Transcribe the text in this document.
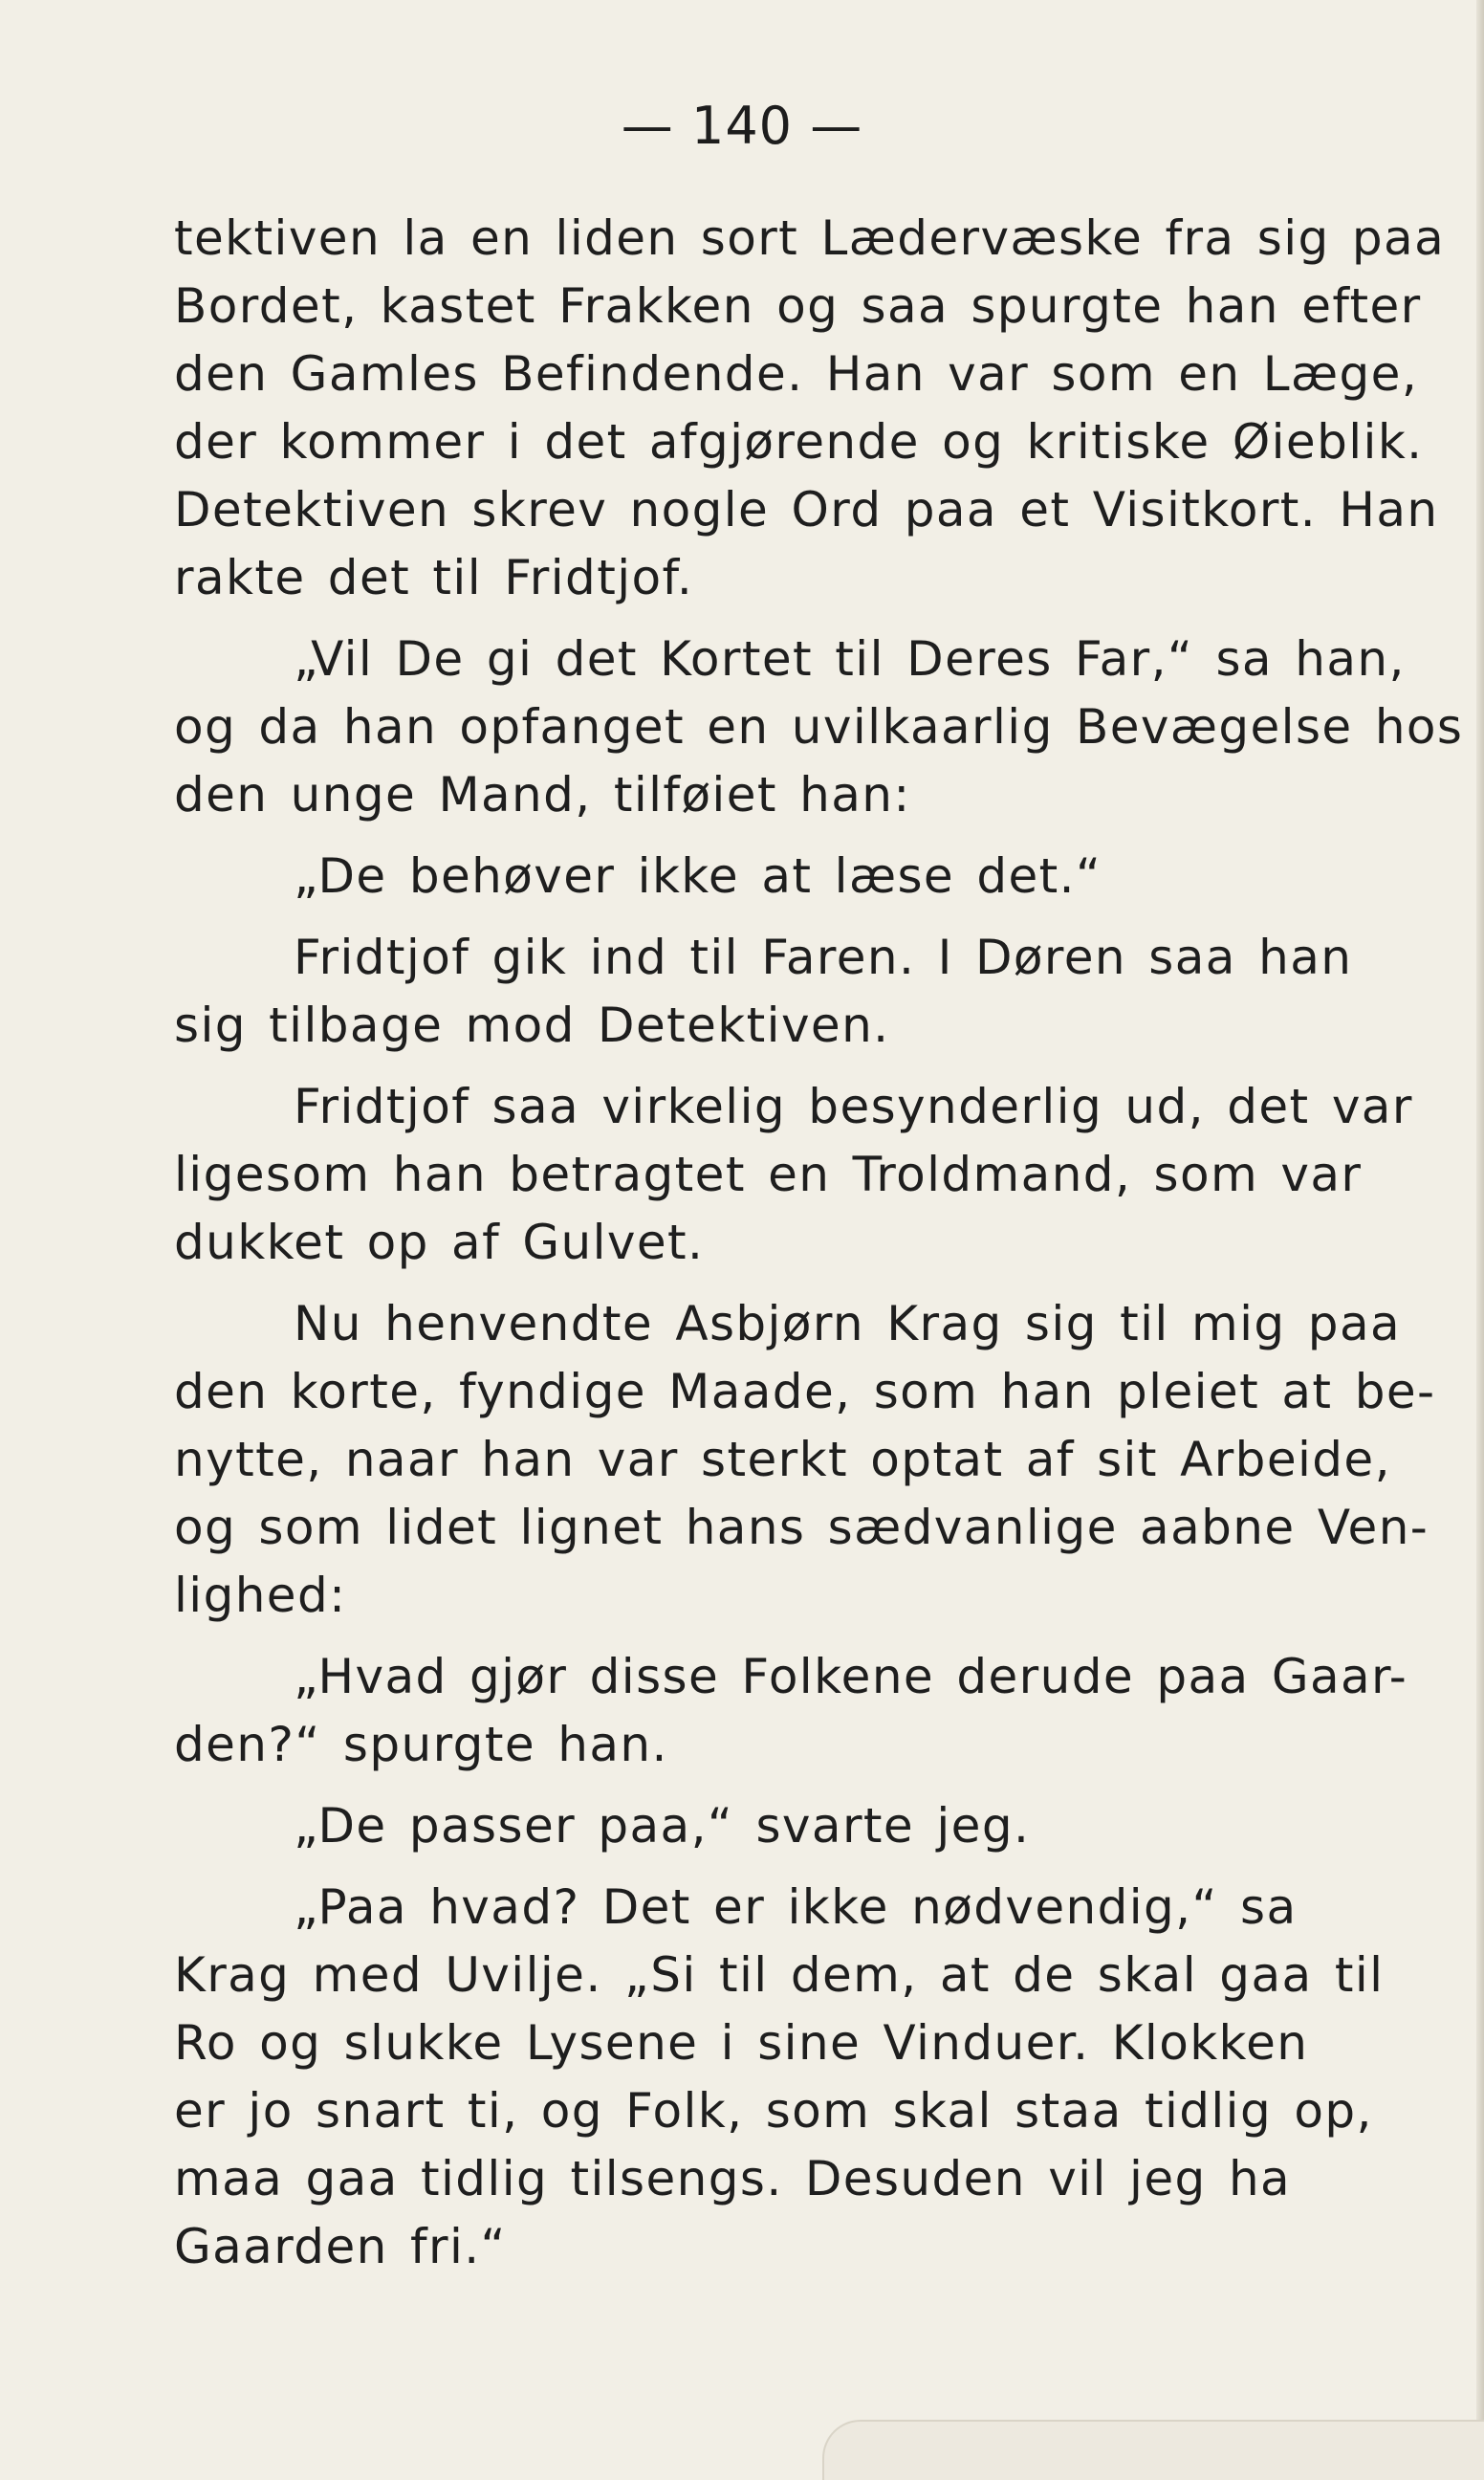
— 140 —
tektiven la en liden sort Lædervæske fra sig paa
Bordet, kastet Frakken og saa spurgte han efter
den Gamles Befindende. Han var som en Læge,
der kommer i det afgjørende og kritiske Øieblik.
Detektiven skrev nogle Ord paa et Visitkort. Han
rakte det til Fridtjof.
„Vil De gi det Kortet til Deres Far,“ sa han,
og da han opfanget en uvilkaarlig Bevægelse hos
den unge Mand, tilføiet han:
„De behøver ikke at læse det.“
Fridtjof gik ind til Faren. I Døren saa han
sig tilbage mod Detektiven.
Fridtjof saa virkelig besynderlig ud, det var
ligesom han betragtet en Troldmand, som var
dukket op af Gulvet.
Nu henvendte Asbjørn Krag sig til mig paa
den korte, fyndige Maade, som han pleiet at be-
nytte, naar han var sterkt optat af sit Arbeide,
og som lidet lignet hans sædvanlige aabne Ven-
lighed:
„Hvad gjør disse Folkene derude paa Gaar-
den?“ spurgte han.
„De passer paa,“ svarte jeg.
„Paa hvad? Det er ikke nødvendig,“ sa
Krag med Uvilje. „Si til dem, at de skal gaa til
Ro og slukke Lysene i sine Vinduer. Klokken
er jo snart ti, og Folk, som skal staa tidlig op,
maa gaa tidlig tilsengs. Desuden vil jeg ha
Gaarden fri.“
